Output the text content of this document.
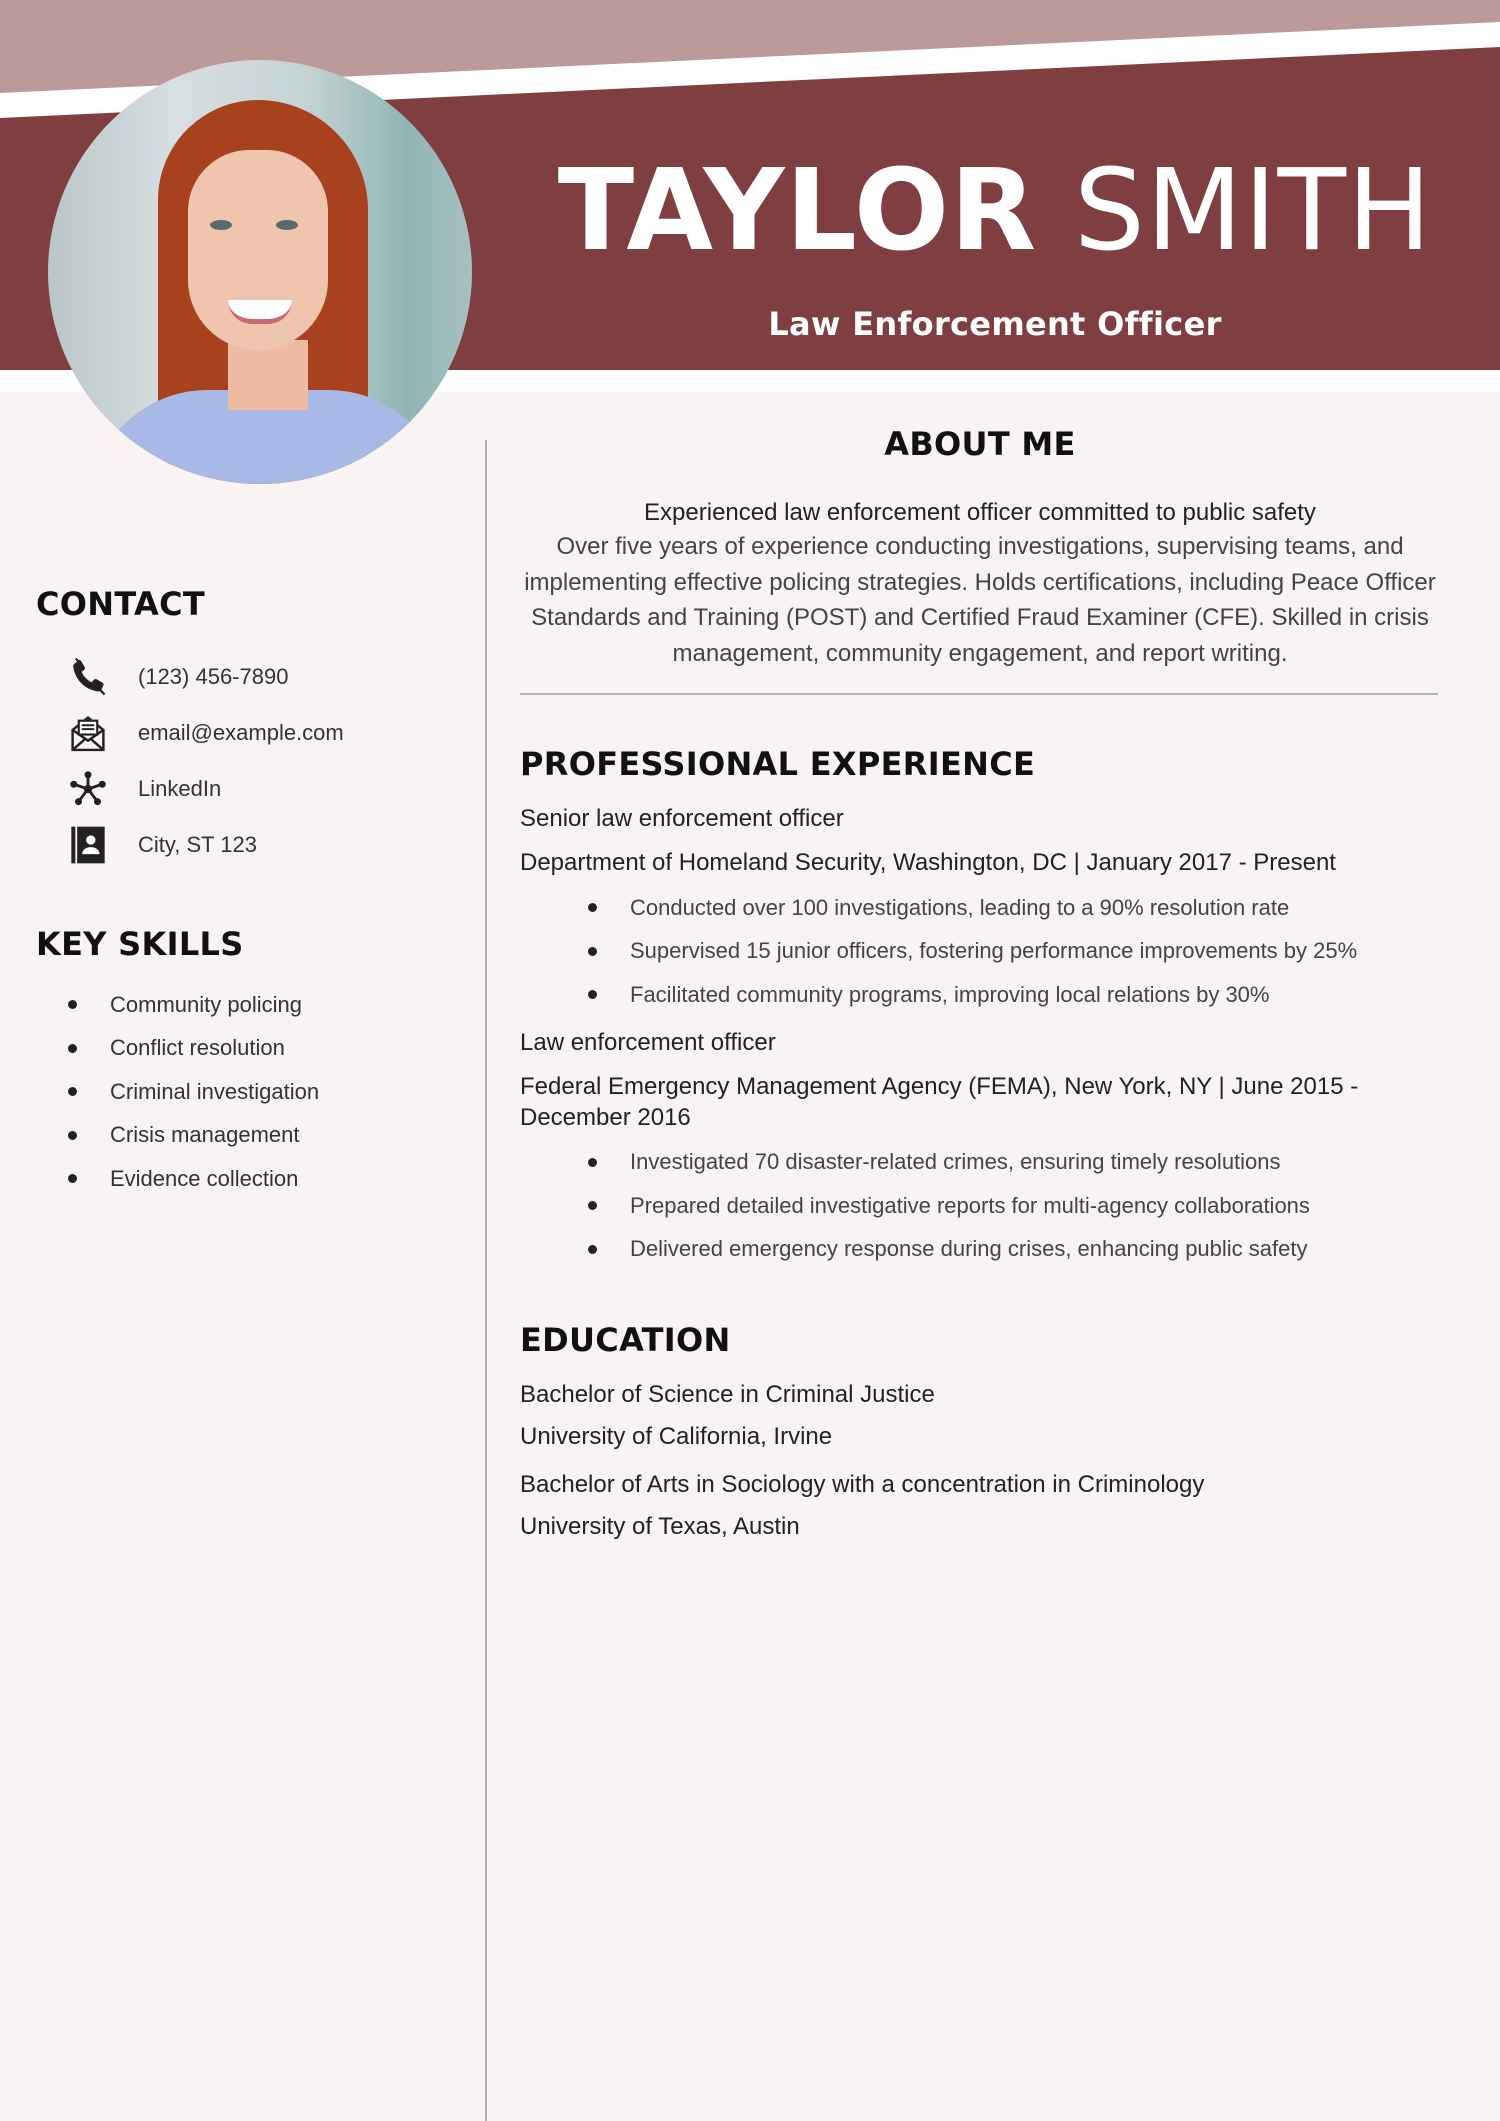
TAYLOR SMITH
Law Enforcement Officer
CONTACT
(123) 456-7890
email@example.com
LinkedIn
City, ST 123
KEY SKILLS
Community policing
Conflict resolution
Criminal investigation
Crisis management
Evidence collection
ABOUT ME
Experienced law enforcement officer committed to public safety
Over five years of experience conducting investigations, supervising teams, and implementing effective policing strategies. Holds certifications, including Peace Officer Standards and Training (POST) and Certified Fraud Examiner (CFE). Skilled in crisis management, community engagement, and report writing.
PROFESSIONAL EXPERIENCE
Senior law enforcement officer
Department of Homeland Security, Washington, DC | January 2017 - Present
Conducted over 100 investigations, leading to a 90% resolution rate
Supervised 15 junior officers, fostering performance improvements by 25%
Facilitated community programs, improving local relations by 30%
Law enforcement officer
Federal Emergency Management Agency (FEMA), New York, NY | June 2015 - December 2016
Investigated 70 disaster-related crimes, ensuring timely resolutions
Prepared detailed investigative reports for multi-agency collaborations
Delivered emergency response during crises, enhancing public safety
EDUCATION
Bachelor of Science in Criminal Justice
University of California, Irvine
Bachelor of Arts in Sociology with a concentration in Criminology
University of Texas, Austin
